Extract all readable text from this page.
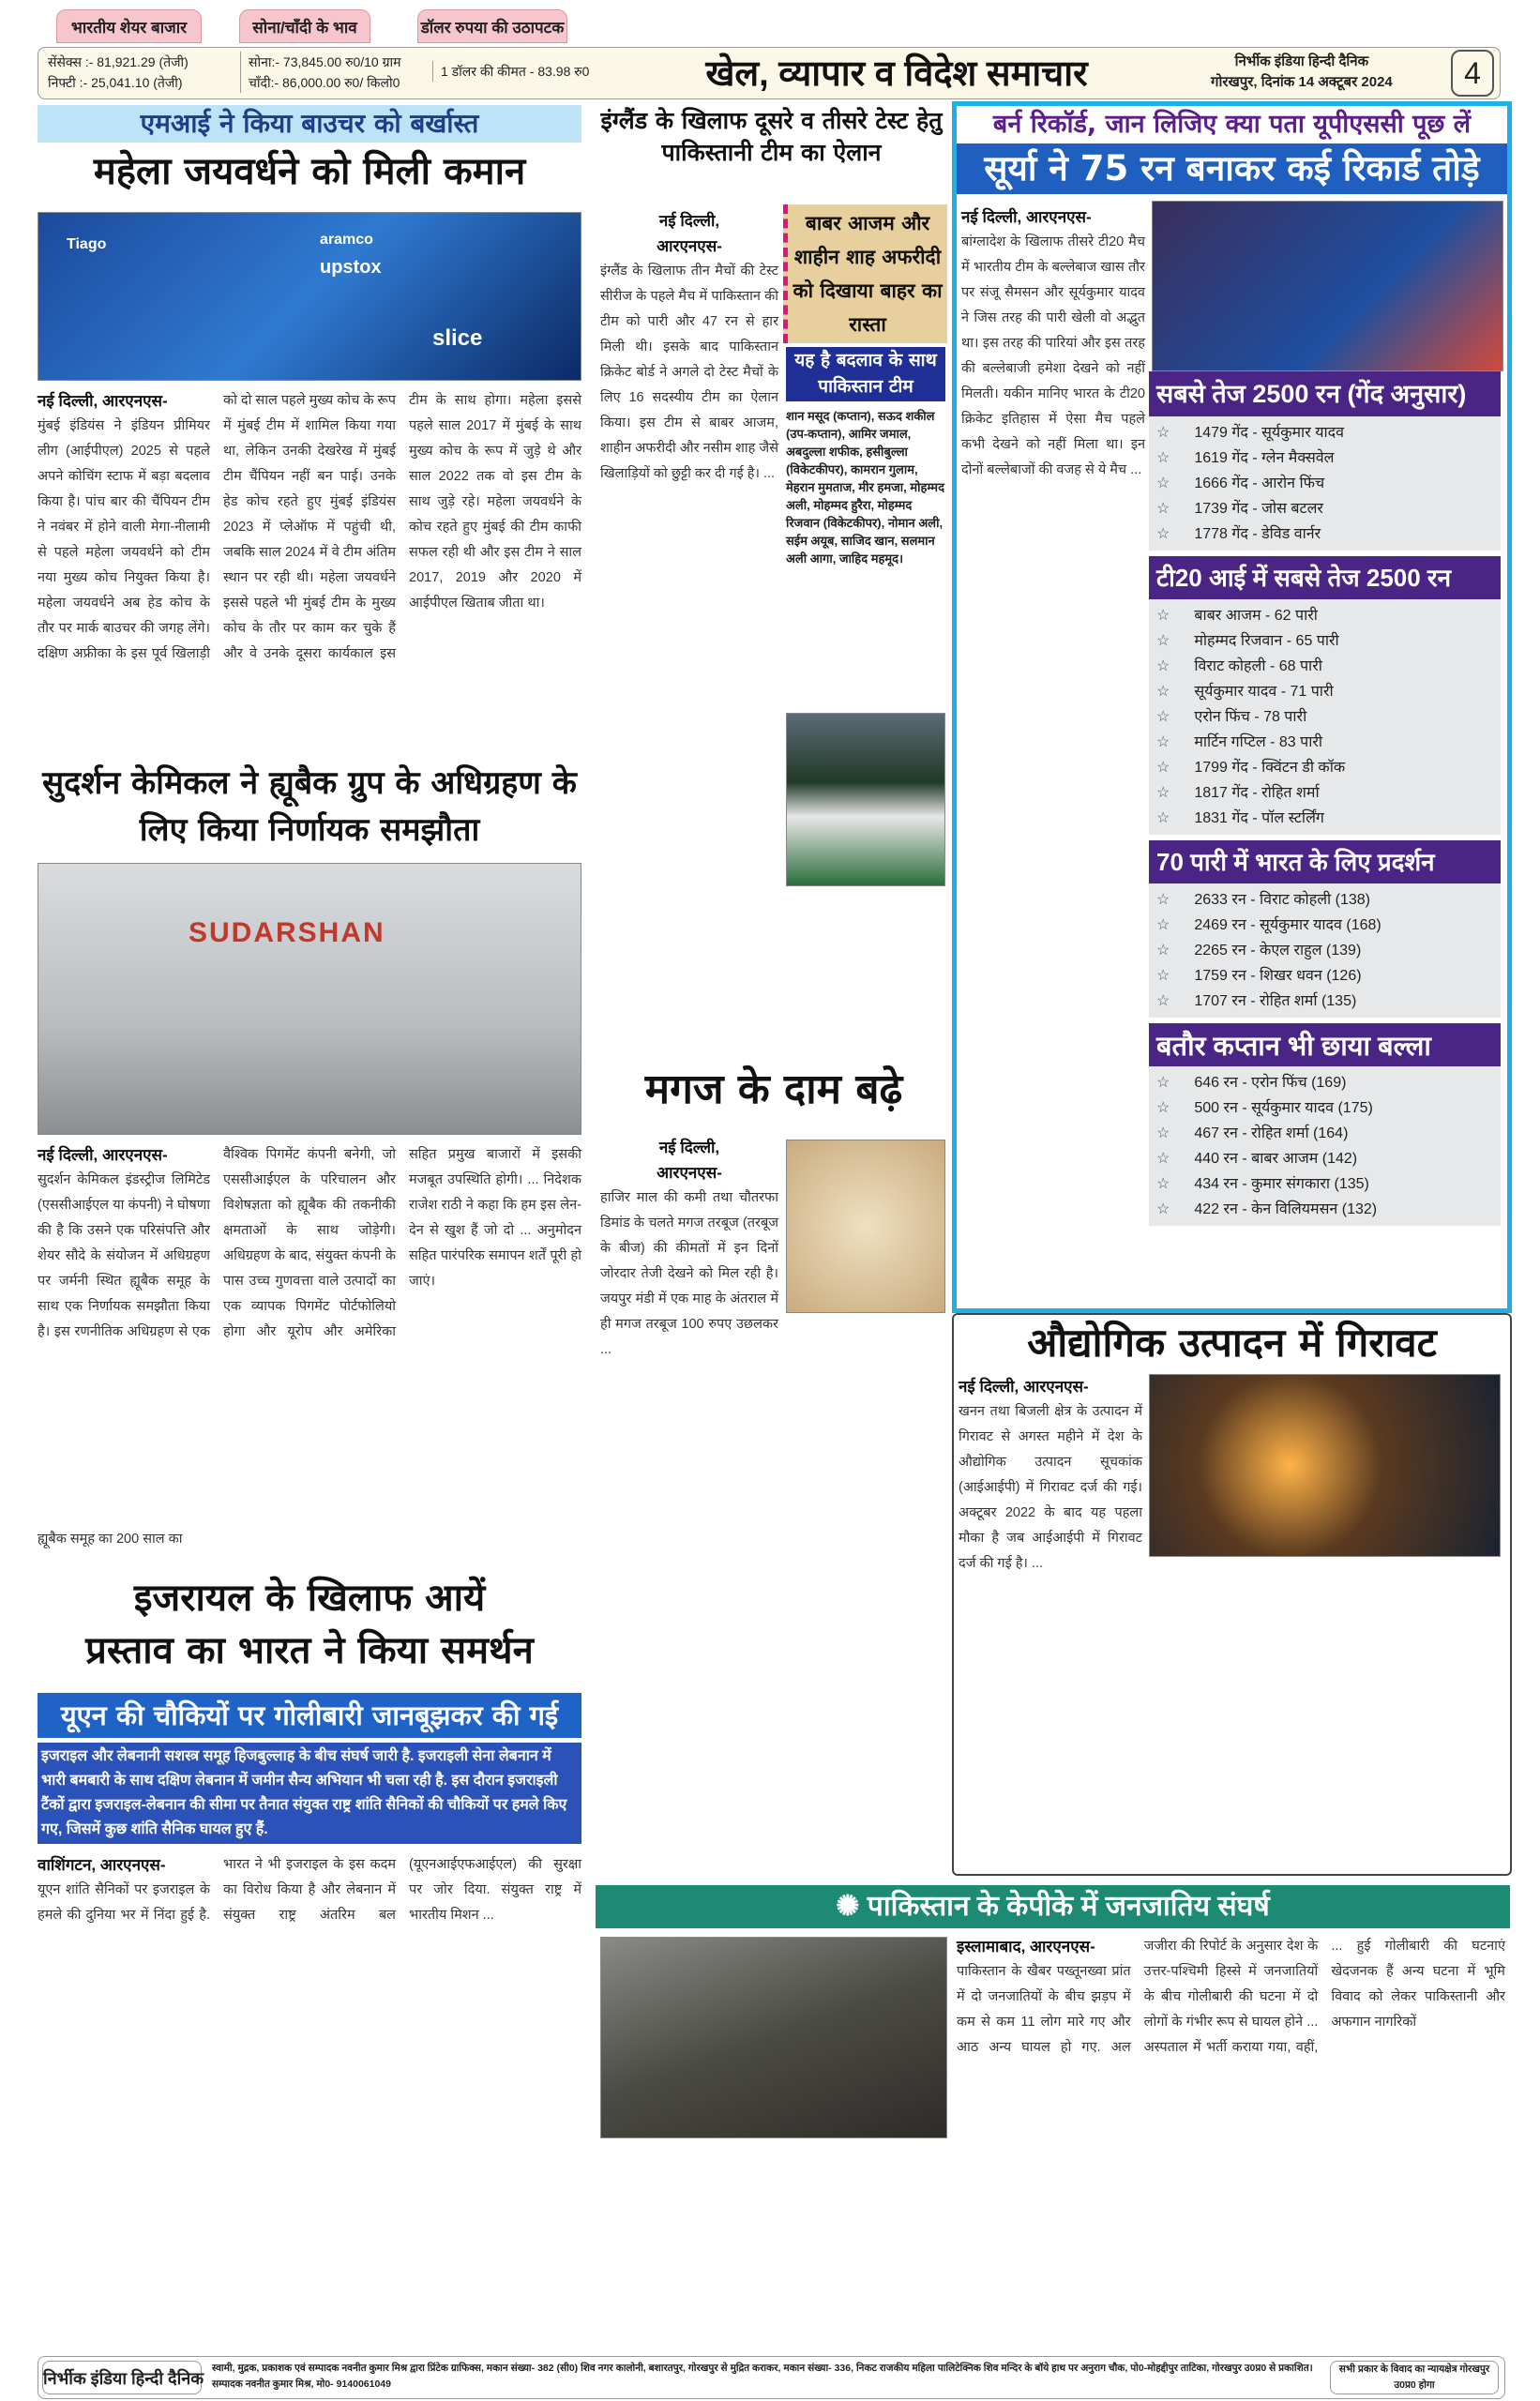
भारतीय शेयर बाजार	सोना/चाँदी के भाव	डॉलर रुपया की उठापटक
सेंसेक्स :- 81,921.29 (तेजी)
निफ्टी :- 25,041.10 (तेजी)
सोना:- 73,845.00 रु0/10 ग्राम
चाँदी:- 86,000.00 रु0/ किलो0
1 डॉलर की कीमत - 83.98 रु0	खेल, व्यापार व विदेश समाचार	निर्भीक इंडिया हिन्दी दैनिक
गोरखपुर, दिनांक 14 अक्टूबर 2024	4
एमआई ने किया बाउचर को बर्खास्त
महेला जयवर्धने को मिली कमान
Tiago	aramco
upstox
slice
नई दिल्ली, आरएनएस-
मुंबई इंडियंस ने इंडियन प्रीमियर लीग (आईपीएल) 2025 से पहले अपने कोचिंग स्टाफ में बड़ा बदलाव किया है। पांच बार की चैंपियन टीम ने नवंबर में होने वाली मेगा-नीलामी से पहले महेला जयवर्धने को टीम नया मुख्य कोच नियुक्त किया है। महेला जयवर्धने अब हेड कोच के तौर पर मार्क बाउचर की जगह लेंगे। दक्षिण अफ्रीका के इस पूर्व खिलाड़ी को दो साल पहले मुख्य कोच के रूप में मुंबई टीम में शामिल किया गया था, लेकिन उनकी देखरेख में मुंबई टीम चैंपियन नहीं बन पाई। उनके हेड कोच रहते हुए मुंबई इंडियंस 2023 में प्लेऑफ में पहुंची थी, जबकि साल 2024 में वे टीम अंतिम स्थान पर रही थी। महेला जयवर्धने इससे पहले भी मुंबई टीम के मुख्य कोच के तौर पर काम कर चुके हैं और वे उनके दूसरा कार्यकाल इस टीम के साथ होगा। महेला इससे पहले साल 2017 में मुंबई के साथ मुख्य कोच के रूप में जुड़े थे और साल 2022 तक वो इस टीम के साथ जुड़े रहे। महेला जयवर्धने के कोच रहते हुए मुंबई की टीम काफी सफल रही थी और इस टीम ने साल 2017, 2019 और 2020 में आईपीएल खिताब जीता था।
सुदर्शन केमिकल ने ह्यूबैक ग्रुप के अधिग्रहण के लिए किया निर्णायक समझौता
SUDARSHAN
नई दिल्ली, आरएनएस-
सुदर्शन केमिकल इंडस्ट्रीज लिमिटेड (एससीआईएल या कंपनी) ने घोषणा की है कि उसने एक परिसंपत्ति और शेयर सौदे के संयोजन में अधिग्रहण पर जर्मनी स्थित ह्यूबैक समूह के साथ एक निर्णायक समझौता किया है। इस रणनीतिक अधिग्रहण से एक वैश्विक पिगमेंट कंपनी बनेगी, जो एससीआईएल के परिचालन और विशेषज्ञता को ह्यूबैक की तकनीकी क्षमताओं के साथ जोड़ेगी। अधिग्रहण के बाद, संयुक्त कंपनी के पास उच्च गुणवत्ता वाले उत्पादों का एक व्यापक पिगमेंट पोर्टफोलियो होगा और यूरोप और अमेरिका सहित प्रमुख बाजारों में इसकी मजबूत उपस्थिति होगी। ... निदेशक राजेश राठी ने कहा कि हम इस लेन-देन से खुश हैं जो दो ... अनुमोदन सहित पारंपरिक समापन शर्तें पूरी हो जाएं।
ह्यूबैक समूह का 200 साल का
इजरायल के खिलाफ आयें
प्रस्ताव का भारत ने किया समर्थन
यूएन की चौकियों पर गोलीबारी जानबूझकर की गई
इजराइल और लेबनानी सशस्त्र समूह हिजबुल्लाह के बीच संघर्ष जारी है. इजराइली सेना लेबनान में भारी बमबारी के साथ दक्षिण लेबनान में जमीन सैन्य अभियान भी चला रही है. इस दौरान इजराइली टैंकों द्वारा इजराइल-लेबनान की सीमा पर तैनात संयुक्त राष्ट्र शांति सैनिकों की चौकियों पर हमले किए गए, जिसमें कुछ शांति सैनिक घायल हुए हैं.
वाशिंगटन, आरएनएस-
यूएन शांति सैनिकों पर इजराइल के हमले की दुनिया भर में निंदा हुई है. भारत ने भी इजराइल के इस कदम का विरोध किया है और लेबनान में संयुक्त राष्ट्र अंतरिम बल (यूएनआईएफआईएल) की सुरक्षा पर जोर दिया. संयुक्त राष्ट्र में भारतीय मिशन ...
इंग्लैंड के खिलाफ दूसरे व तीसरे टेस्ट हेतु पाकिस्तानी टीम का ऐलान
नई दिल्ली,
आरएनएस-
इंग्लैंड के खिलाफ तीन मैचों की टेस्ट सीरीज के पहले मैच में पाकिस्तान की टीम को पारी और 47 रन से हार मिली थी। इसके बाद पाकिस्तान क्रिकेट बोर्ड ने अगले दो टेस्ट मैचों के लिए 16 सदस्यीय टीम का ऐलान किया। इस टीम से बाबर आजम, शाहीन अफरीदी और नसीम शाह जैसे खिलाड़ियों को छुट्टी कर दी गई है। ...
बाबर आजम और शाहीन शाह अफरीदी को दिखाया बाहर का रास्ता
यह है बदलाव के साथ पाकिस्तान टीम
शान मसूद (कप्तान), सऊद शकील (उप-कप्तान), आमिर जमाल, अबदुल्ला शफीक, हसीबुल्ला (विकेटकीपर), कामरान गुलाम, मेहरान मुमताज, मीर हमजा, मोहम्मद अली, मोहम्मद हुरैरा, मोहम्मद रिजवान (विकेटकीपर), नोमान अली, सईम अयूब, साजिद खान, सलमान अली आगा, जाहिद महमूद।
मगज के दाम बढ़े
नई दिल्ली,
आरएनएस-
हाजिर माल की कमी तथा चौतरफा डिमांड के चलते मगज तरबूज (तरबूज के बीज) की कीमतों में इन दिनों जोरदार तेजी देखने को मिल रही है। जयपुर मंडी में एक माह के अंतराल में ही मगज तरबूज 100 रुपए उछलकर ...
बर्न रिकॉर्ड, जान लिजिए क्या पता यूपीएससी पूछ लें
सूर्या ने 75 रन बनाकर कई रिकार्ड तोड़े
नई दिल्ली, आरएनएस-
बांग्लादेश के खिलाफ तीसरे टी20 मैच में भारतीय टीम के बल्लेबाज खास तौर पर संजू सैमसन और सूर्यकुमार यादव ने जिस तरह की पारी खेली वो अद्भुत था। इस तरह की पारियां और इस तरह की बल्लेबाजी हमेशा देखने को नहीं मिलती। यकीन मानिए भारत के टी20 क्रिकेट इतिहास में ऐसा मैच पहले कभी देखने को नहीं मिला था। इन दोनों बल्लेबाजों की वजह से ये मैच ...
सबसे तेज 2500 रन (गेंद अनुसार)
☆ 1479 गेंद - सूर्यकुमार यादव
☆ 1619 गेंद - ग्लेन मैक्सवेल
☆ 1666 गेंद - आरोन फिंच
☆ 1739 गेंद - जोस बटलर
☆ 1778 गेंद - डेविड वार्नर
टी20 आई में सबसे तेज 2500 रन
☆ बाबर आजम - 62 पारी
☆ मोहम्मद रिजवान - 65 पारी
☆ विराट कोहली - 68 पारी
☆ सूर्यकुमार यादव - 71 पारी
☆ एरोन फिंच - 78 पारी
☆ मार्टिन गप्टिल - 83 पारी
☆ 1799 गेंद - क्विंटन डी कॉक
☆ 1817 गेंद - रोहित शर्मा
☆ 1831 गेंद - पॉल स्टर्लिंग
70 पारी में भारत के लिए प्रदर्शन
☆ 2633 रन - विराट कोहली (138)
☆ 2469 रन - सूर्यकुमार यादव (168)
☆ 2265 रन - केएल राहुल (139)
☆ 1759 रन - शिखर धवन (126)
☆ 1707 रन - रोहित शर्मा (135)
बतौर कप्तान भी छाया बल्ला
☆ 646 रन - एरोन फिंच (169)
☆ 500 रन - सूर्यकुमार यादव (175)
☆ 467 रन - रोहित शर्मा (164)
☆ 440 रन - बाबर आजम (142)
☆ 434 रन - कुमार संगकारा (135)
☆ 422 रन - केन विलियमसन (132)
औद्योगिक उत्पादन में गिरावट
नई दिल्ली, आरएनएस-
खनन तथा बिजली क्षेत्र के उत्पादन में गिरावट से अगस्त महीने में देश के औद्योगिक उत्पादन सूचकांक (आईआईपी) में गिरावट दर्ज की गई। अक्टूबर 2022 के बाद यह पहला मौका है जब आईआईपी में गिरावट दर्ज की गई है। ...
✺ पाकिस्तान के केपीके में जनजातिय संघर्ष
इस्लामाबाद, आरएनएस-
पाकिस्तान के खैबर पख्तूनख्वा प्रांत में दो जनजातियों के बीच झड़प में कम से कम 11 लोग मारे गए और आठ अन्य घायल हो गए. अल जजीरा की रिपोर्ट के अनुसार देश के उत्तर-पश्चिमी हिस्से में जनजातियों के बीच गोलीबारी की घटना में दो लोगों के गंभीर रूप से घायल होने ... अस्पताल में भर्ती कराया गया, वहीं, ... हुई गोलीबारी की घटनाएं खेदजनक हैं अन्य घटना में भूमि विवाद को लेकर पाकिस्तानी और अफगान नागरिकों
निर्भीक इंडिया हिन्दी दैनिक
स्वामी, मुद्रक, प्रकाशक एवं सम्पादक नवनीत कुमार मिश्र द्वारा प्रिंटेक ग्राफिक्स, मकान संख्या- 382 (सी0) शिव नगर कालोनी, बशारतपुर, गोरखपुर से मुद्रित कराकर, मकान संख्या- 336, निकट राजकीय महिला पालिटेक्निक शिव मन्दिर के बॉये हाथ पर अनुराग चौक, पो0-मोहद्दीपुर ताटिका, गोरखपुर उ0प्र0 से प्रकाशित। सम्पादक नवनीत कुमार मिश्र, मो0- 9140061049
सभी प्रकार के विवाद का न्यायक्षेत्र गोरखपुर उ0प्र0 होगा
